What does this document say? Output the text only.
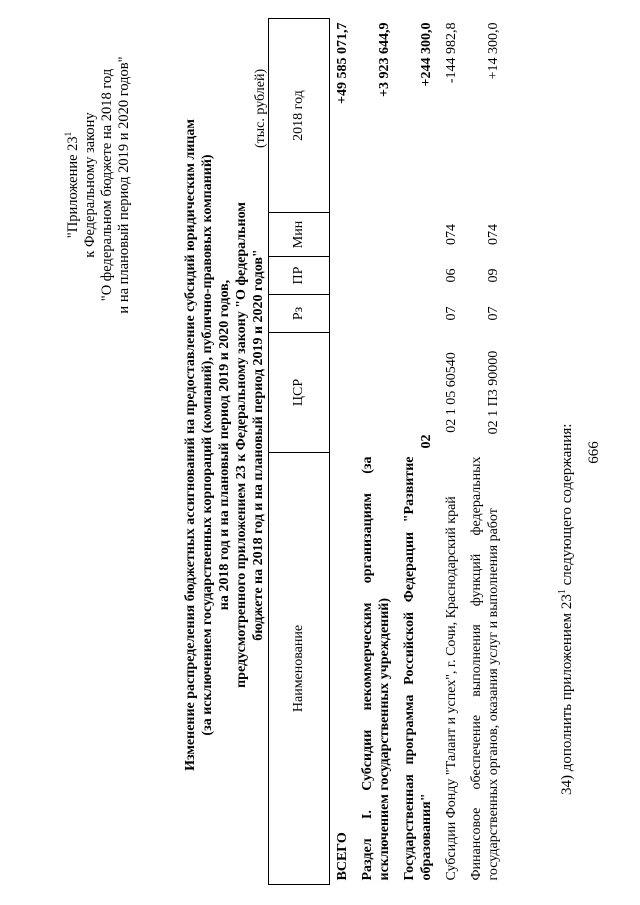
666
34) дополнить приложением $23^1$ следующего содержания:
"Приложение $23^1$ к Федеральному закону "О федеральном бюджете на 2018 год и на плановый период 2019 и 2020 годов"	Изменение распределения бюджетных ассигнований на предоставление субсидий юридическим лицам (за исключением государственных корпораций (компаний), публично-правовых компаний) на 2018 год и на плановый период 2019 и 2020 годов, предусмотренного приложением 23 к Федеральному закону "О федеральном бюджете на 2018 год и на плановый период 2019 и 2020 годов"
(тыс. рублей)
Наименование	ЦСР	Рз	ПР	Мин	2018 год
ВСЕГО					+49 585 071,7
Раздел I. Субсидии некоммерческим организациям (за исключением государственных учреждений)					+3 923 644,9
Государственная программа Российской Федерации "Развитие образования"	02				+244 300,0
Субсидии Фонду "Талант и успех", г. Сочи, Краснодарский край	02 1 05 60540	07	06	074	-144 982,8
Финансовое обеспечение выполнения функций федеральных государственных органов, оказания услуг и выполнения работ	02 1 П3 90000	07	09	074	+14 300,0
